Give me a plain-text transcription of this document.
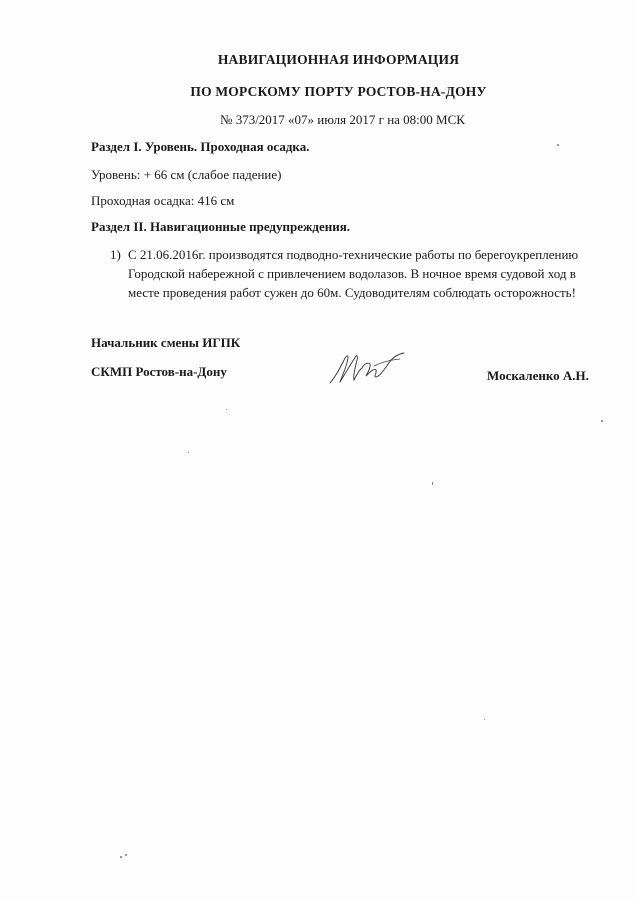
НАВИГАЦИОННАЯ ИНФОРМАЦИЯ
ПО МОРСКОМУ ПОРТУ РОСТОВ-НА-ДОНУ
№ 373/2017 «07» июля 2017 г на 08:00 МСК
Раздел I. Уровень. Проходная осадка.
Уровень: + 66 см (слабое падение)
Проходная осадка: 416 см
Раздел II. Навигационные предупреждения.
1) С 21.06.2016г. производятся подводно-технические работы по берегоукреплению
Городской набережной с привлечением водолазов. В ночное время судовой ход в
месте проведения работ сужен до 60м. Судоводителям соблюдать осторожность!
Начальник смены ИГПК
СКМП Ростов-на-Дону	Москаленко А.Н.
